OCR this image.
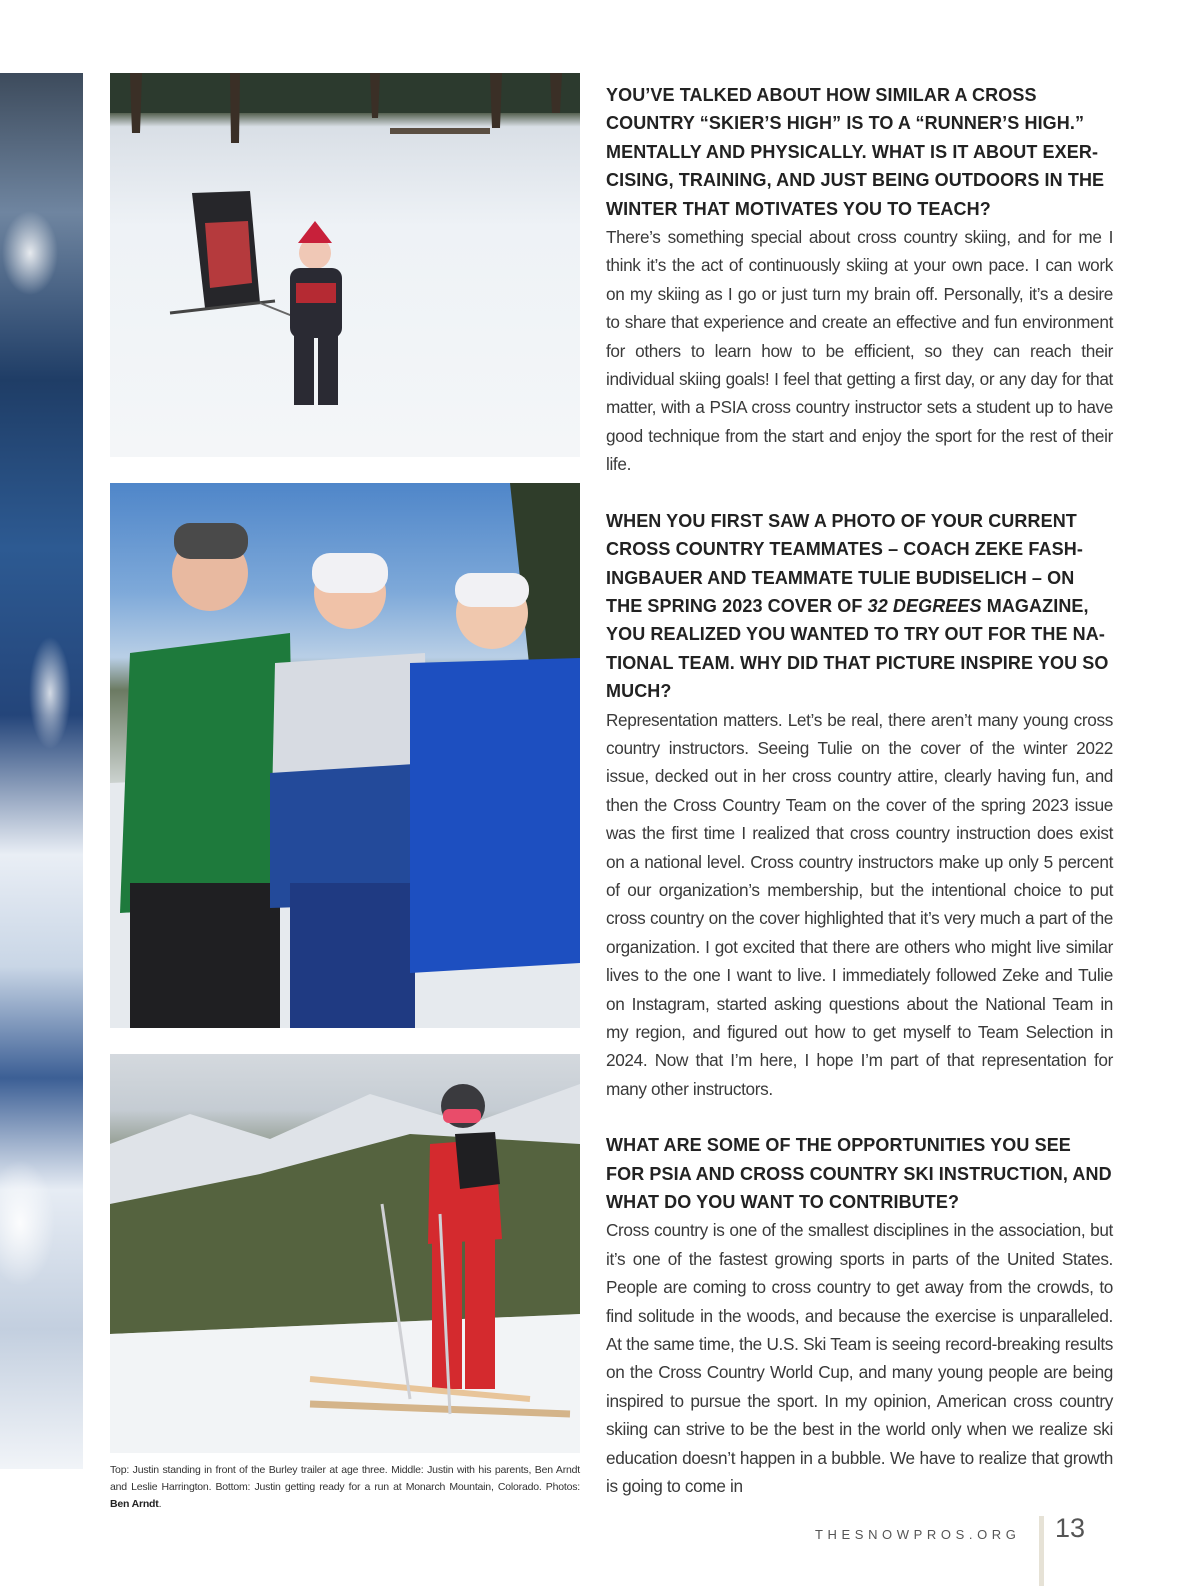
Top: Justin standing in front of the Burley trailer at age three. Middle: Justin with his parents, Ben Arndt and Leslie Harrington. Bottom: Justin getting ready for a run at Monarch Mountain, Colorado. Photos: Ben Arndt.

YOU’VE TALKED ABOUT HOW SIMILAR A CROSS COUNTRY “SKIER’S HIGH” IS TO A “RUNNER’S HIGH.” MENTALLY AND PHYSICALLY. WHAT IS IT ABOUT EXERCISING, TRAINING, AND JUST BEING OUTDOORS IN THE WINTER THAT MOTIVATES YOU TO TEACH?

There’s something special about cross country skiing, and for me I think it’s the act of continuously skiing at your own pace. I can work on my skiing as I go or just turn my brain off. Personally, it’s a desire to share that experience and create an effective and fun environment for others to learn how to be efficient, so they can reach their individual skiing goals! I feel that getting a first day, or any day for that matter, with a PSIA cross country instructor sets a student up to have good technique from the start and enjoy the sport for the rest of their life.

WHEN YOU FIRST SAW A PHOTO OF YOUR CURRENT CROSS COUNTRY TEAMMATES – COACH ZEKE FASHINGBAUER AND TEAMMATE TULIE BUDISELICH – ON THE SPRING 2023 COVER OF 32 DEGREES MAGAZINE, YOU REALIZED YOU WANTED TO TRY OUT FOR THE NATIONAL TEAM. WHY DID THAT PICTURE INSPIRE YOU SO MUCH?

Representation matters. Let’s be real, there aren’t many young cross country instructors. Seeing Tulie on the cover of the winter 2022 issue, decked out in her cross country attire, clearly having fun, and then the Cross Country Team on the cover of the spring 2023 issue was the first time I realized that cross country instruction does exist on a national level. Cross country instructors make up only 5 percent of our organization’s membership, but the intentional choice to put cross country on the cover highlighted that it’s very much a part of the organization. I got excited that there are others who might live similar lives to the one I want to live. I immediately followed Zeke and Tulie on Instagram, started asking questions about the National Team in my region, and figured out how to get myself to Team Selection in 2024. Now that I’m here, I hope I’m part of that representation for many other instructors.

WHAT ARE SOME OF THE OPPORTUNITIES YOU SEE FOR PSIA AND CROSS COUNTRY SKI INSTRUCTION, AND WHAT DO YOU WANT TO CONTRIBUTE?

Cross country is one of the smallest disciplines in the association, but it’s one of the fastest growing sports in parts of the United States. People are coming to cross country to get away from the crowds, to find solitude in the woods, and because the exercise is unparalleled. At the same time, the U.S. Ski Team is seeing record-breaking results on the Cross Country World Cup, and many young people are being inspired to pursue the sport. In my opinion, American cross country skiing can strive to be the best in the world only when we realize ski education doesn’t happen in a bubble. We have to realize that growth is going to come in

THESNOWPROS.ORG 13
